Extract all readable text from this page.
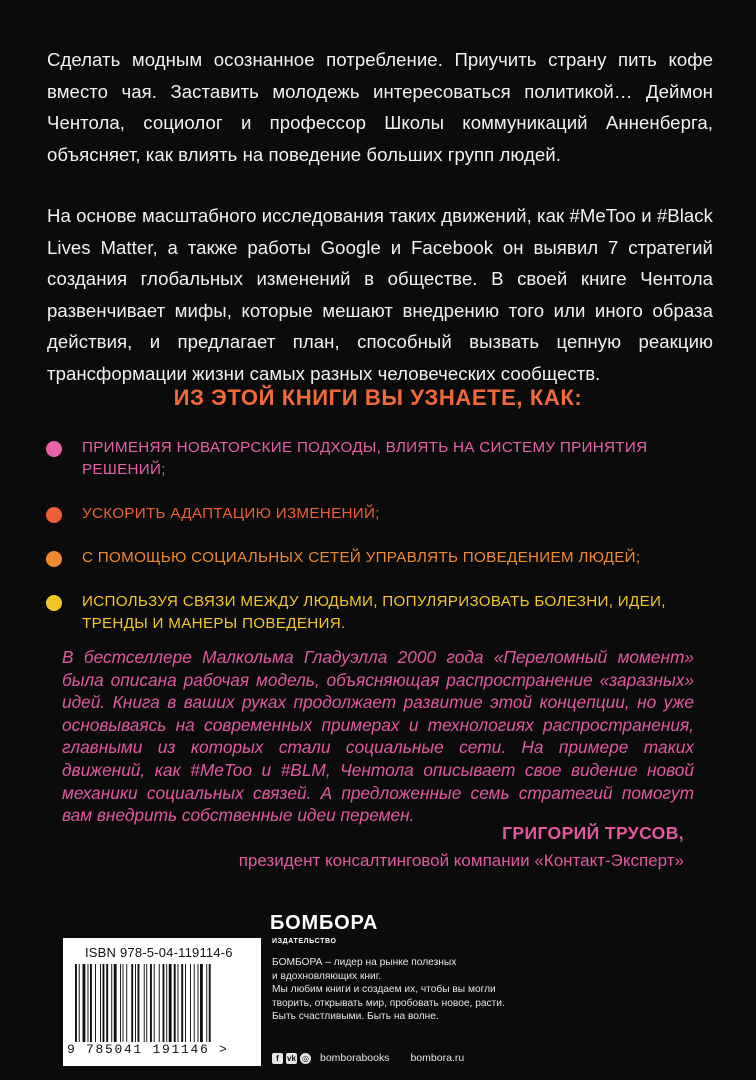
Сделать модным осознанное потребление. Приучить страну пить кофе вместо чая. Заставить молодежь интересоваться политикой… Деймон Чентола, социолог и профессор Школы коммуникаций Анненберга, объясняет, как влиять на поведение больших групп людей.

На основе масштабного исследования таких движений, как #MeToo и #Black Lives Matter, а также работы Google и Facebook он выявил 7 стратегий создания глобальных изменений в обществе. В своей книге Чентола развенчивает мифы, которые мешают внедрению того или иного образа действия, и предлагает план, способный вызвать цепную реакцию трансформации жизни самых разных человеческих сообществ.

ИЗ ЭТОЙ КНИГИ ВЫ УЗНАЕТЕ, КАК:
ПРИМЕНЯЯ НОВАТОРСКИЕ ПОДХОДЫ, ВЛИЯТЬ НА СИСТЕМУ ПРИНЯТИЯ РЕШЕНИЙ;
УСКОРИТЬ АДАПТАЦИЮ ИЗМЕНЕНИЙ;
С ПОМОЩЬЮ СОЦИАЛЬНЫХ СЕТЕЙ УПРАВЛЯТЬ ПОВЕДЕНИЕМ ЛЮДЕЙ;
ИСПОЛЬЗУЯ СВЯЗИ МЕЖДУ ЛЮДЬМИ, ПОПУЛЯРИЗОВАТЬ БОЛЕЗНИ, ИДЕИ, ТРЕНДЫ И МАНЕРЫ ПОВЕДЕНИЯ.

В бестселлере Малкольма Гладуэлла 2000 года «Переломный момент» была описана рабочая модель, объясняющая распространение «заразных» идей. Книга в ваших руках продолжает развитие этой концепции, но уже основываясь на современных примерах и технологиях распространения, главными из которых стали социальные сети. На примере таких движений, как #MeToo и #BLM, Чентола описывает свое видение новой механики социальных связей. А предложенные семь стратегий помогут вам внедрить собственные идеи перемен.

ГРИГОРИЙ ТРУСОВ,

президент консалтинговой компании «Контакт-Эксперт»

ISBN 978-5-04-119114-6
9 785041 191146 >
БОМБОРА
ИЗДАТЕЛЬСТВО

БОМБОРА – лидер на рынке полезных

и вдохновляющих книг.

Мы любим книги и создаем их, чтобы вы могли

творить, открывать мир, пробовать новое, расти.

Быть счастливыми. Быть на волне.

f	vk ◎ bomborabooks bombora.ru
